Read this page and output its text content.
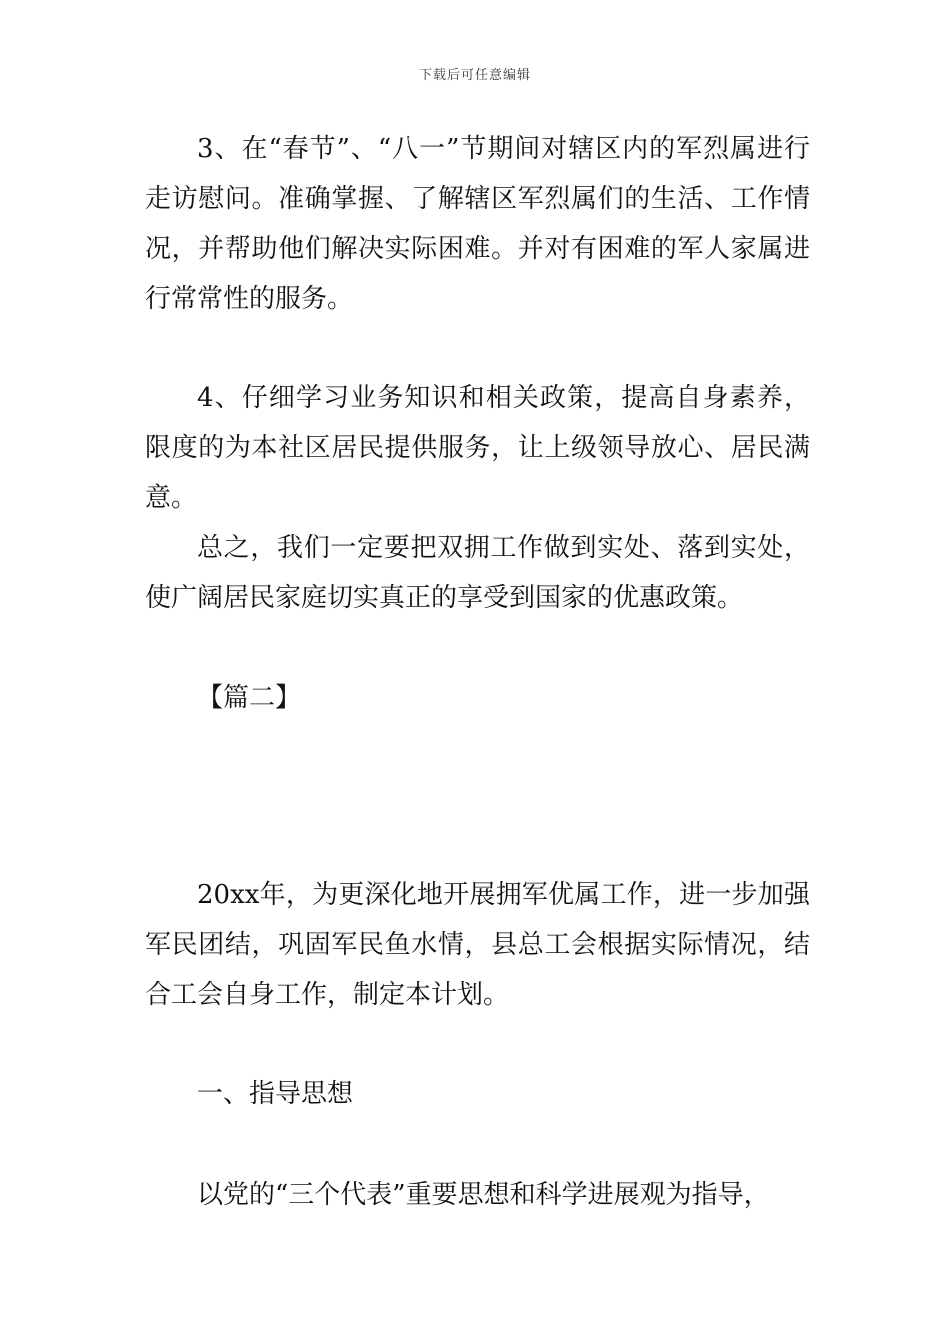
下载后可任意编辑

3、在“春节”、“八一”节期间对辖区内的军烈属进行走访慰问。准确掌握、了解辖区军烈属们的生活、工作情况，并帮助他们解决实际困难。并对有困难的军人家属进行常常性的服务。

4、仔细学习业务知识和相关政策，提高自身素养，限度的为本社区居民提供服务，让上级领导放心、居民满意。

总之，我们一定要把双拥工作做到实处、落到实处，使广阔居民家庭切实真正的享受到国家的优惠政策。

【篇二】

20xx年，为更深化地开展拥军优属工作，进一步加强军民团结，巩固军民鱼水情，县总工会根据实际情况，结合工会自身工作，制定本计划。

一、指导思想

以党的“三个代表”重要思想和科学进展观为指导，
